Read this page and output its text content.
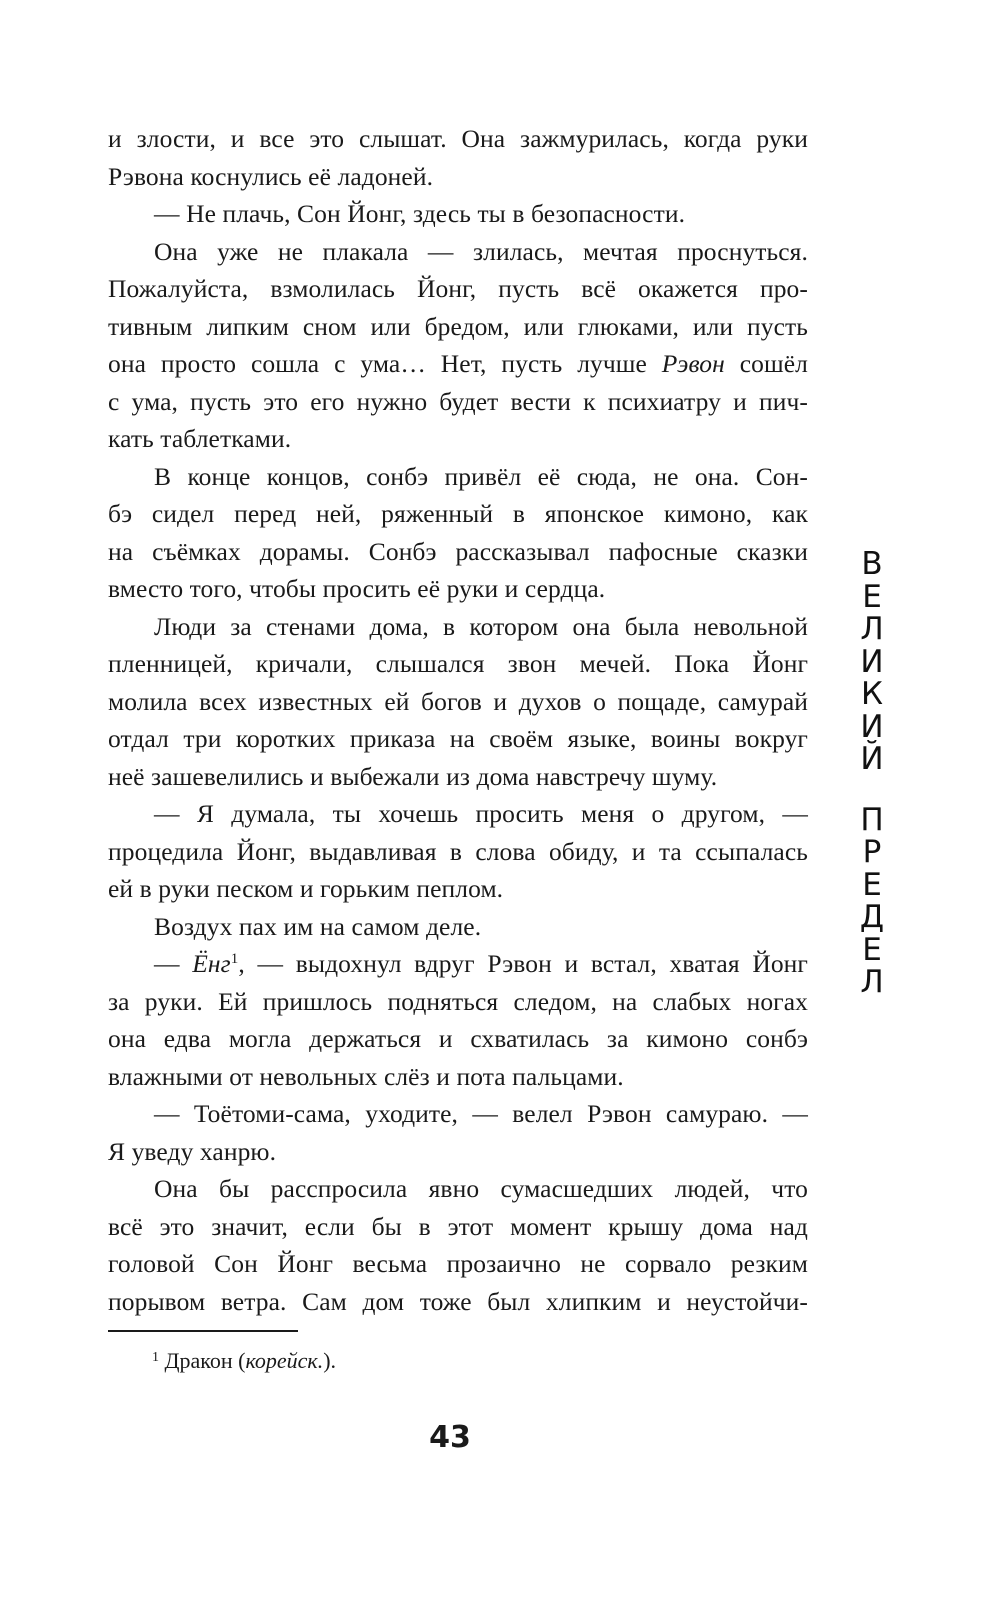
и злости, и все это слышат. Она зажмурилась, когда руки
Рэвона коснулись её ладоней.
— Не плачь, Сон Йонг, здесь ты в безопасности.
Она уже не плакала — злилась, мечтая проснуться.
Пожалуйста, взмолилась Йонг, пусть всё окажется про-
тивным липким сном или бредом, или глюками, или пусть
она просто сошла с ума… Нет, пусть лучше Рэвон сошёл
с ума, пусть это его нужно будет вести к психиатру и пич-
кать таблетками.
В конце концов, сонбэ привёл её сюда, не она. Сон-
бэ сидел перед ней, ряженный в японское кимоно, как
на съёмках дорамы. Сонбэ рассказывал пафосные сказки
вместо того, чтобы просить её руки и сердца.
Люди за стенами дома, в котором она была невольной
пленницей, кричали, слышался звон мечей. Пока Йонг
молила всех известных ей богов и духов о пощаде, самурай
отдал три коротких приказа на своём языке, воины вокруг
неё зашевелились и выбежали из дома навстречу шуму.
— Я думала, ты хочешь просить меня о другом, —
процедила Йонг, выдавливая в слова обиду, и та ссыпалась
ей в руки песком и горьким пеплом.
Воздух пах им на самом деле.
— Ёнг$^1$, — выдохнул вдруг Рэвон и встал, хватая Йонг
за руки. Ей пришлось подняться следом, на слабых ногах
она едва могла держаться и схватилась за кимоно сонбэ
влажными от невольных слёз и пота пальцами.
— Тоётоми-сама, уходите, — велел Рэвон самураю. —
Я уведу ханрю.
Она бы расспросила явно сумасшедших людей, что
всё это значит, если бы в этот момент крышу дома над
головой Сон Йонг весьма прозаично не сорвало резким
порывом ветра. Сам дом тоже был хлипким и неустойчи-
$^1$ Дракон (корейск.).
43
В
Е
Л
И
К
И
Й
П
Р
Е
Д
Е
Л
